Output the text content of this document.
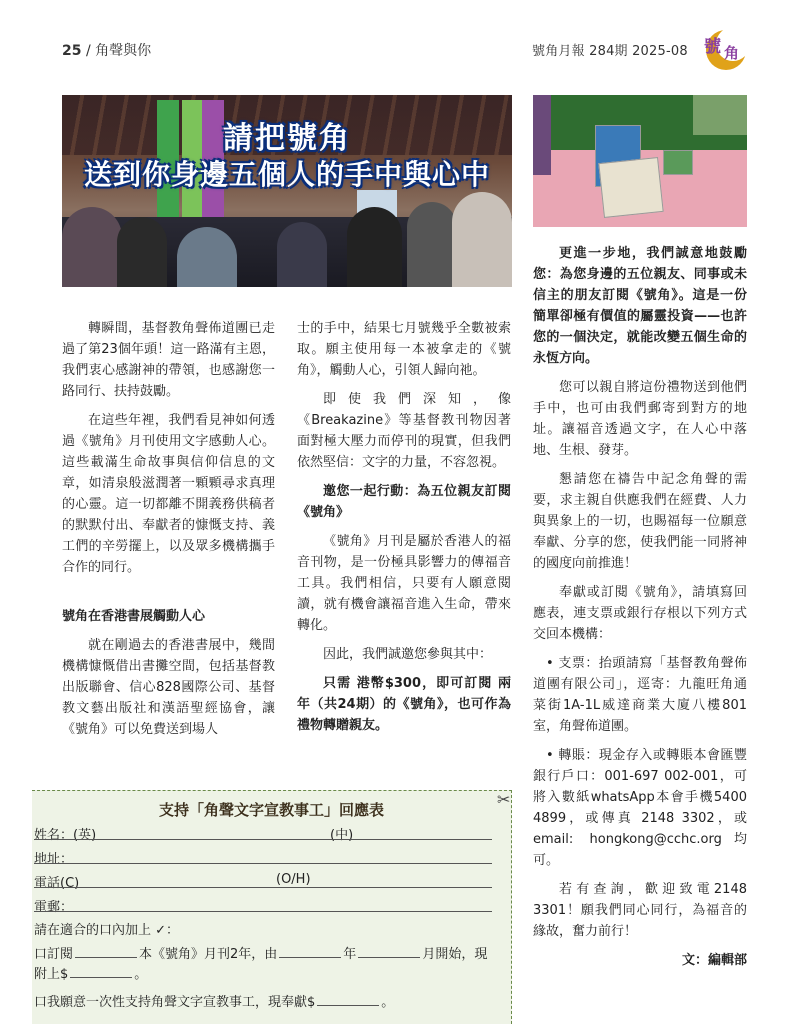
25 / 角聲與你	號角月報 284期 2025-08 號 角
請把號角
送到你身邊五個人的手中與心中

轉瞬間，基督教角聲佈道團已走過了第23個年頭！這一路滿有主恩，我們衷心感謝神的帶領，也感謝您一路同行、扶持鼓勵。

在這些年裡，我們看見神如何透過《號角》月刊使用文字感動人心。這些載滿生命故事與信仰信息的文章，如清泉般滋潤著一顆顆尋求真理的心靈。這一切都離不開義務供稿者的默默付出、奉獻者的慷慨支持、義工們的辛勞擺上，以及眾多機構攜手合作的同行。

號角在香港書展觸動人心

就在剛過去的香港書展中，幾間機構慷慨借出書攤空間，包括基督教出版聯會、信心828國際公司、基督教文藝出版社和漢語聖經協會，讓《號角》可以免費送到場人

士的手中，結果七月號幾乎全數被索取。願主使用每一本被拿走的《號角》，觸動人心，引領人歸向祂。

即使我們深知，像《Breakazine》等基督教刊物因著面對極大壓力而停刊的現實，但我們依然堅信：文字的力量，不容忽視。

邀您一起行動：為五位親友訂閱《號角》

《號角》月刊是屬於香港人的福音刊物，是一份極具影響力的傳福音工具。我們相信，只要有人願意閱讀，就有機會讓福音進入生命，帶來轉化。

因此，我們誠邀您參與其中：

只需 港幣$300，即可訂閱 兩年（共24期）的《號角》，也可作為禮物轉贈親友。

更進一步地，我們誠意地鼓勵您：為您身邊的五位親友、同事或未信主的朋友訂閱《號角》。這是一份簡單卻極有價值的屬靈投資——也許您的一個決定，就能改變五個生命的永恆方向。

您可以親自將這份禮物送到他們手中，也可由我們郵寄到對方的地址。讓福音透過文字，在人心中落地、生根、發芽。

懇請您在禱告中記念角聲的需要，求主親自供應我們在經費、人力與異象上的一切，也賜福每一位願意奉獻、分享的您，使我們能一同將神的國度向前推進！

奉獻或訂閱《號角》，請填寫回應表，連支票或銀行存根以下列方式交回本機構：

• 支票：抬頭請寫「基督教角聲佈道團有限公司」，逕寄：九龍旺角通菜街1A-1L威達商業大廈八樓801室，角聲佈道團。

• 轉賬：現金存入或轉賬本會匯豐銀行戶口：001-697 002-001，可將入數紙whatsApp本會手機5400 4899，或傳真 2148 3302，或email: hongkong@cchc.org均可。

若有查詢，歡迎致電2148 3301！願我們同心同行，為福音的緣故，奮力前行！

文：編輯部
支持「角聲文字宣教事工」回應表
姓名：(英)	(中)
地址：
電話(C)	(O/H)
電郵：
請在適合的口內加上 ✓：
口訂閱	本《號角》月刊2年，由	年	月開始，現
附上$	。
口我願意一次性支持角聲文字宣教事工，現奉獻$	。
✂
